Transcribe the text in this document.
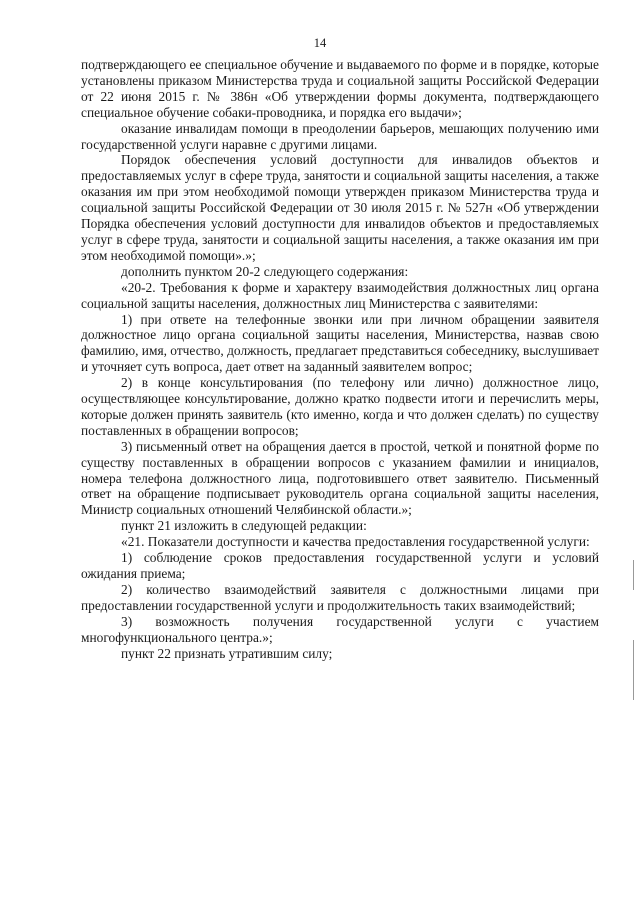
14

подтверждающего ее специальное обучение и выдаваемого по форме и в порядке, которые установлены приказом Министерства труда и социальной защиты Российской Федерации от 22 июня 2015 г. № 386н «Об утверждении формы документа, подтверждающего специальное обучение собаки-проводника, и порядка его выдачи»;

оказание инвалидам помощи в преодолении барьеров, мешающих получению ими государственной услуги наравне с другими лицами.

Порядок обеспечения условий доступности для инвалидов объектов и предоставляемых услуг в сфере труда, занятости и социальной защиты населения, а также оказания им при этом необходимой помощи утвержден приказом Министерства труда и социальной защиты Российской Федерации от 30 июля 2015 г. № 527н «Об утверждении Порядка обеспечения условий доступности для инвалидов объектов и предоставляемых услуг в сфере труда, занятости и социальной защиты населения, а также оказания им при этом необходимой помощи».»;

дополнить пунктом 20-2 следующего содержания:

«20-2. Требования к форме и характеру взаимодействия должностных лиц органа социальной защиты населения, должностных лиц Министерства с заявителями:

1) при ответе на телефонные звонки или при личном обращении заявителя должностное лицо органа социальной защиты населения, Министерства, назвав свою фамилию, имя, отчество, должность, предлагает представиться собеседнику, выслушивает и уточняет суть вопроса, дает ответ на заданный заявителем вопрос;

2) в конце консультирования (по телефону или лично) должностное лицо, осуществляющее консультирование, должно кратко подвести итоги и перечислить меры, которые должен принять заявитель (кто именно, когда и что должен сделать) по существу поставленных в обращении вопросов;

3) письменный ответ на обращения дается в простой, четкой и понятной форме по существу поставленных в обращении вопросов с указанием фамилии и инициалов, номера телефона должностного лица, подготовившего ответ заявителю. Письменный ответ на обращение подписывает руководитель органа социальной защиты населения, Министр социальных отношений Челябинской области.»;

пункт 21 изложить в следующей редакции:

«21. Показатели доступности и качества предоставления государственной услуги:

1) соблюдение сроков предоставления государственной услуги и условий ожидания приема;

2) количество взаимодействий заявителя с должностными лицами при предоставлении государственной услуги и продолжительность таких взаимодействий;

3) возможность получения государственной услуги с участием многофункционального центра.»;

пункт 22 признать утратившим силу;
